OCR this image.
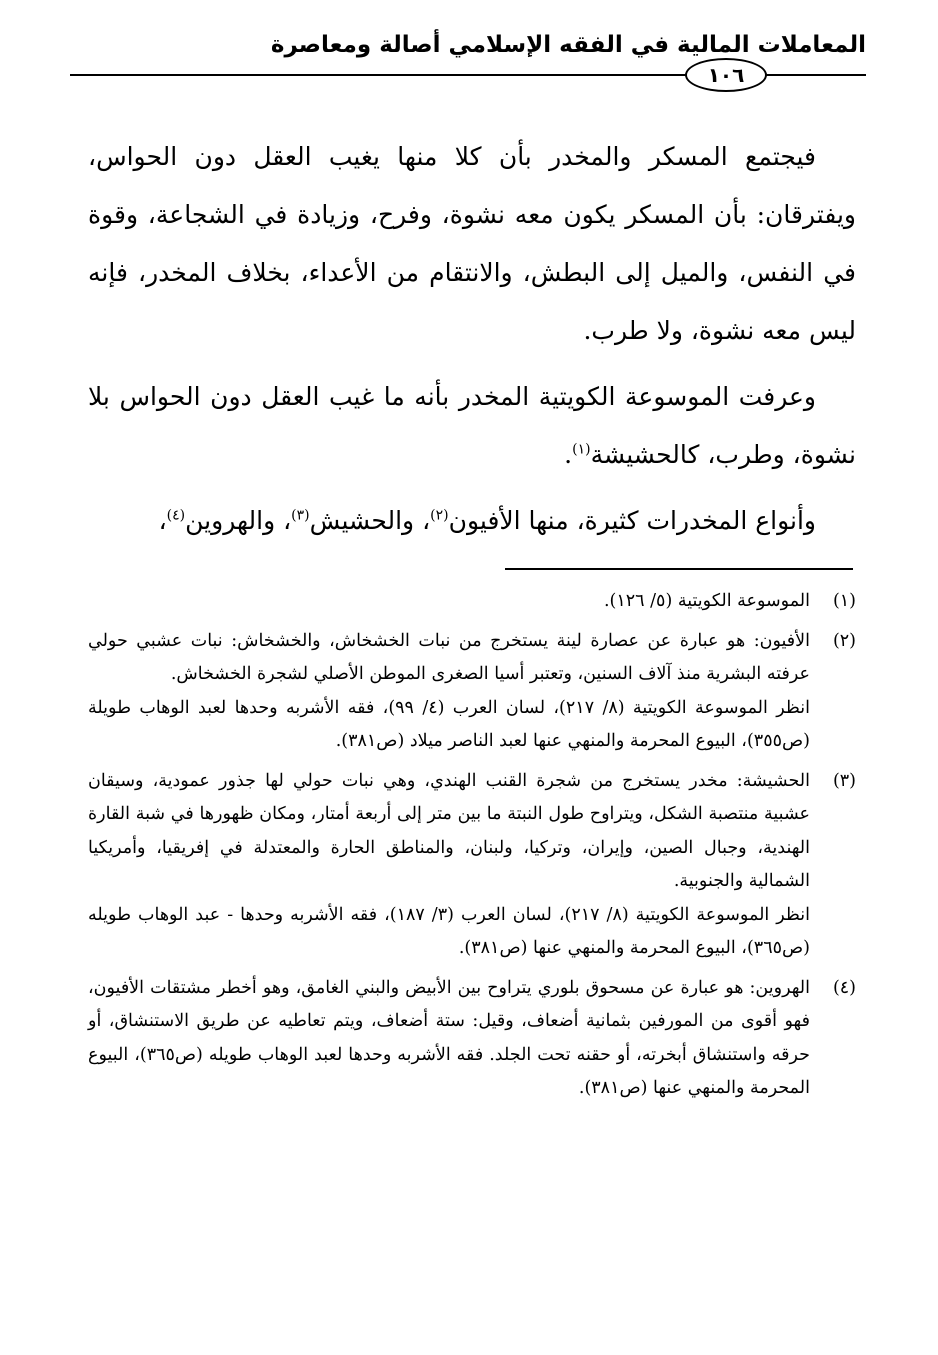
المعاملات المالية في الفقه الإسلامي أصالة ومعاصرة
١٠٦

فيجتمع المسكر والمخدر بأن كلا منها يغيب العقل دون الحواس، ويفترقان: بأن المسكر يكون معه نشوة، وفرح، وزيادة في الشجاعة، وقوة في النفس، والميل إلى البطش، والانتقام من الأعداء، بخلاف المخدر، فإنه ليس معه نشوة، ولا طرب.

وعرفت الموسوعة الكويتية المخدر بأنه ما غيب العقل دون الحواس بلا نشوة، وطرب، كالحشيشة$^{(١)}$.

وأنواع المخدرات كثيرة، منها الأفيون$^{(٢)}$، والحشيش$^{(٣)}$، والهروين$^{(٤)}$،

(١)

الموسوعة الكويتية (٥/ ١٢٦).

(٢)

الأفيون: هو عبارة عن عصارة لينة يستخرج من نبات الخشخاش، والخشخاش: نبات عشبي حولي عرفته البشرية منذ آلاف السنين، وتعتبر أسيا الصغرى الموطن الأصلي لشجرة الخشخاش.

انظر الموسوعة الكويتية (٨/ ٢١٧)، لسان العرب (٤/ ٩٩)، فقه الأشربه وحدها لعبد الوهاب طويلة (ص٣٥٥)، البيوع المحرمة والمنهي عنها لعبد الناصر ميلاد (ص٣٨١).

(٣)

الحشيشة: مخدر يستخرج من شجرة القنب الهندي، وهي نبات حولي لها جذور عمودية، وسيقان عشبية منتصبة الشكل، ويتراوح طول النبتة ما بين متر إلى أربعة أمتار، ومكان ظهورها في شبة القارة الهندية، وجبال الصين، وإيران، وتركيا، ولبنان، والمناطق الحارة والمعتدلة في إفريقيا، وأمريكيا الشمالية والجنوبية.

انظر الموسوعة الكويتية (٨/ ٢١٧)، لسان العرب (٣/ ١٨٧)، فقه الأشربه وحدها - عبد الوهاب طويله (ص٣٦٥)، البيوع المحرمة والمنهي عنها (ص٣٨١).

(٤)

الهروين: هو عبارة عن مسحوق بلوري يتراوح بين الأبيض والبني الغامق، وهو أخطر مشتقات الأفيون، فهو أقوى من المورفين بثمانية أضعاف، وقيل: ستة أضعاف، ويتم تعاطيه عن طريق الاستنشاق، أو حرقه واستنشاق أبخرته، أو حقنه تحت الجلد. فقه الأشربه وحدها لعبد الوهاب طويله (ص٣٦٥)، البيوع المحرمة والمنهي عنها (ص٣٨١).
